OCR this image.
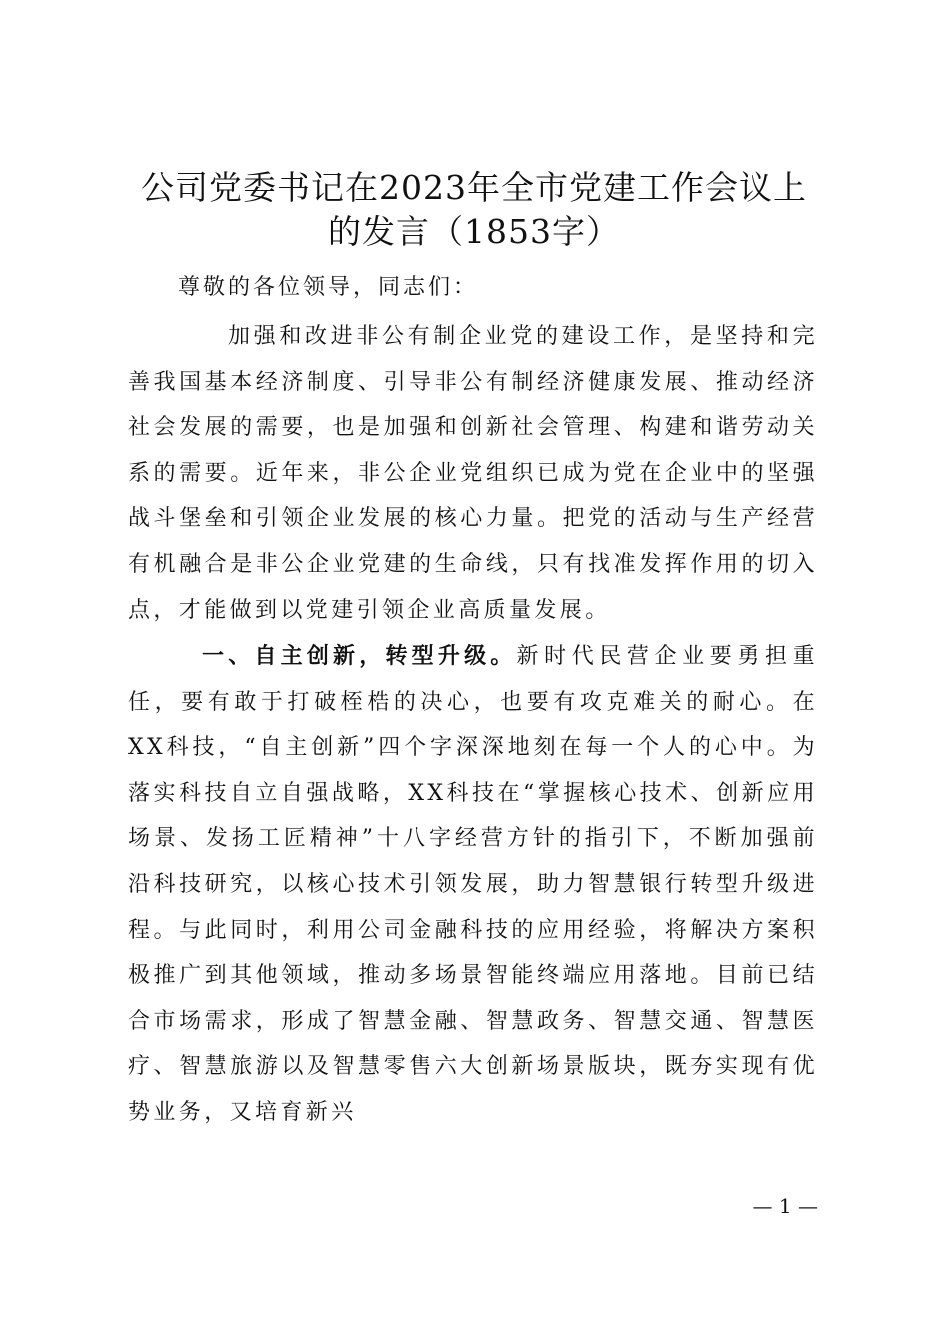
公司党委书记在2023年全市党建工作会议上的发言（1853字）

尊敬的各位领导，同志们：

加强和改进非公有制企业党的建设工作，是坚持和完善我国基本经济制度、引导非公有制经济健康发展、推动经济社会发展的需要，也是加强和创新社会管理、构建和谐劳动关系的需要。近年来，非公企业党组织已成为党在企业中的坚强战斗堡垒和引领企业发展的核心力量。把党的活动与生产经营有机融合是非公企业党建的生命线，只有找准发挥作用的切入点，才能做到以党建引领企业高质量发展。

一、自主创新，转型升级。新时代民营企业要勇担重任，要有敢于打破桎梏的决心，也要有攻克难关的耐心。在XX科技，“自主创新”四个字深深地刻在每一个人的心中。为落实科技自立自强战略，XX科技在“掌握核心技术、创新应用场景、发扬工匠精神”十八字经营方针的指引下，不断加强前沿科技研究，以核心技术引领发展，助力智慧银行转型升级进程。与此同时，利用公司金融科技的应用经验，将解决方案积极推广到其他领域，推动多场景智能终端应用落地。目前已结合市场需求，形成了智慧金融、智慧政务、智慧交通、智慧医疗、智慧旅游以及智慧零售六大创新场景版块，既夯实现有优势业务，又培育新兴

— 1 —
